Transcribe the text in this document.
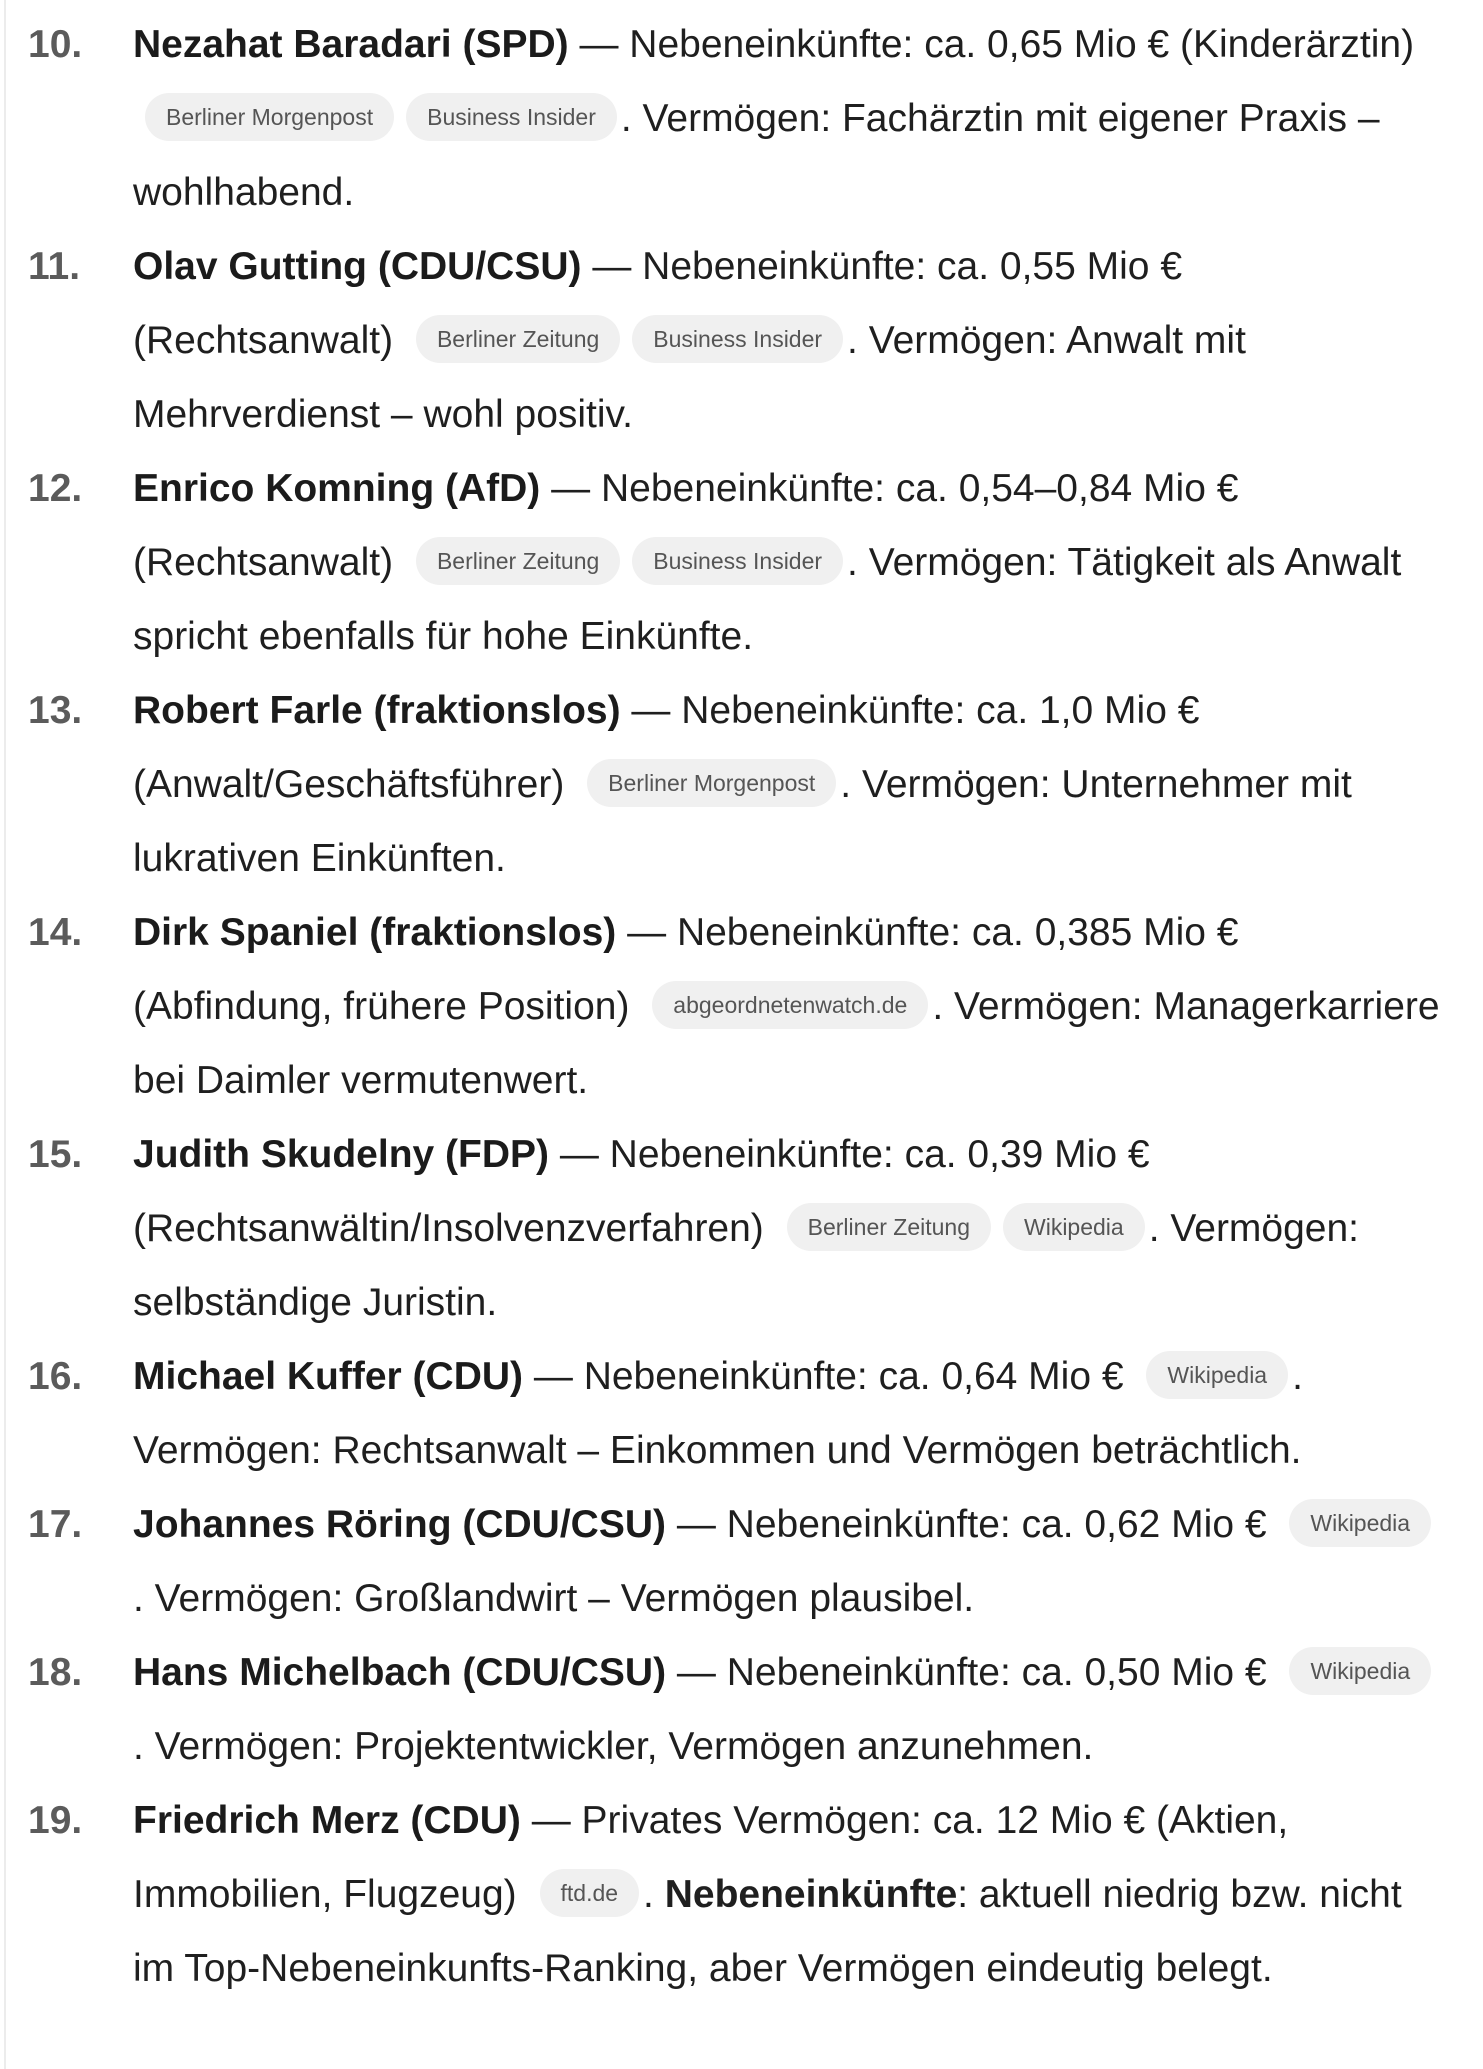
10. Nezahat Baradari (SPD) — Nebeneinkünfte: ca. 0,65 Mio € (Kinderärztin) Berliner Morgenpost Business Insider . Vermögen: Fachärztin mit eigener Praxis – wohlhabend.
11. Olav Gutting (CDU/CSU) — Nebeneinkünfte: ca. 0,55 Mio € (Rechtsanwalt) Berliner Zeitung Business Insider . Vermögen: Anwalt mit Mehrverdienst – wohl positiv.
12. Enrico Komning (AfD) — Nebeneinkünfte: ca. 0,54–0,84 Mio € (Rechtsanwalt) Berliner Zeitung Business Insider . Vermögen: Tätigkeit als Anwalt spricht ebenfalls für hohe Einkünfte.
13. Robert Farle (fraktionslos) — Nebeneinkünfte: ca. 1,0 Mio € (Anwalt/Geschäftsführer) Berliner Morgenpost . Vermögen: Unternehmer mit lukrativen Einkünften.
14. Dirk Spaniel (fraktionslos) — Nebeneinkünfte: ca. 0,385 Mio € (Abfindung, frühere Position) abgeordnetenwatch.de . Vermögen: Managerkarriere bei Daimler vermutenwert.
15. Judith Skudelny (FDP) — Nebeneinkünfte: ca. 0,39 Mio € (Rechtsanwältin/Insolvenzverfahren) Berliner Zeitung Wikipedia . Vermögen: selbständige Juristin.
16. Michael Kuffer (CDU) — Nebeneinkünfte: ca. 0,64 Mio € Wikipedia . Vermögen: Rechtsanwalt – Einkommen und Vermögen beträchtlich.
17. Johannes Röring (CDU/CSU) — Nebeneinkünfte: ca. 0,62 Mio € Wikipedia. Vermögen: Großlandwirt – Vermögen plausibel.
18. Hans Michelbach (CDU/CSU) — Nebeneinkünfte: ca. 0,50 Mio € Wikipedia. Vermögen: Projektentwickler, Vermögen anzunehmen.
19. Friedrich Merz (CDU) — Privates Vermögen: ca. 12 Mio € (Aktien, Immobilien, Flugzeug) ftd.de . Nebeneinkünfte: aktuell niedrig bzw. nicht im Top-Nebeneinkunfts-Ranking, aber Vermögen eindeutig belegt.
